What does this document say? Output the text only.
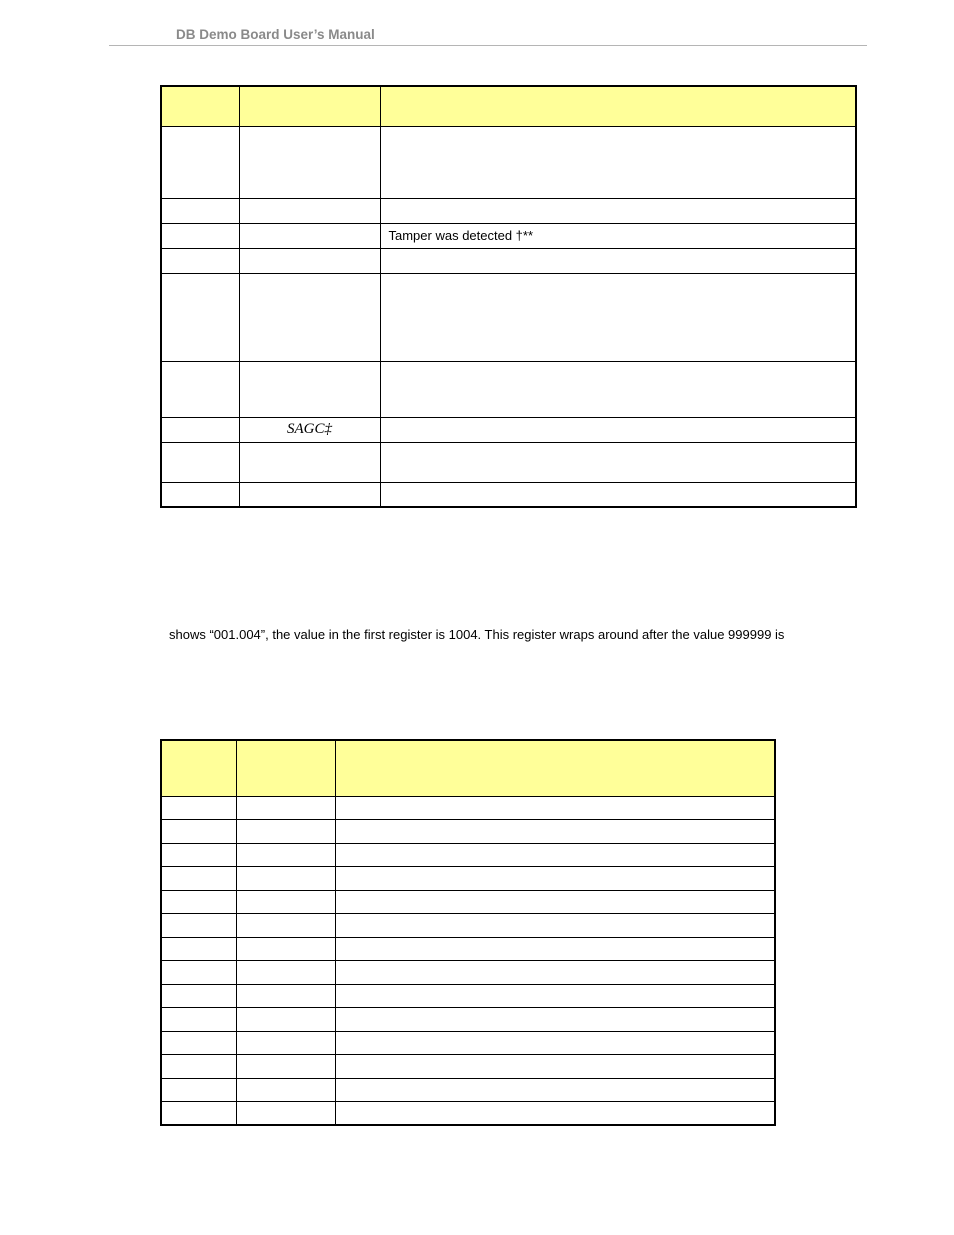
DB Demo Board User’s Manual

		Tamper was detected †**

	SAGC‡	

shows “001.004”, the value in the first register is 1004. This register wraps around after the value 999999 is
